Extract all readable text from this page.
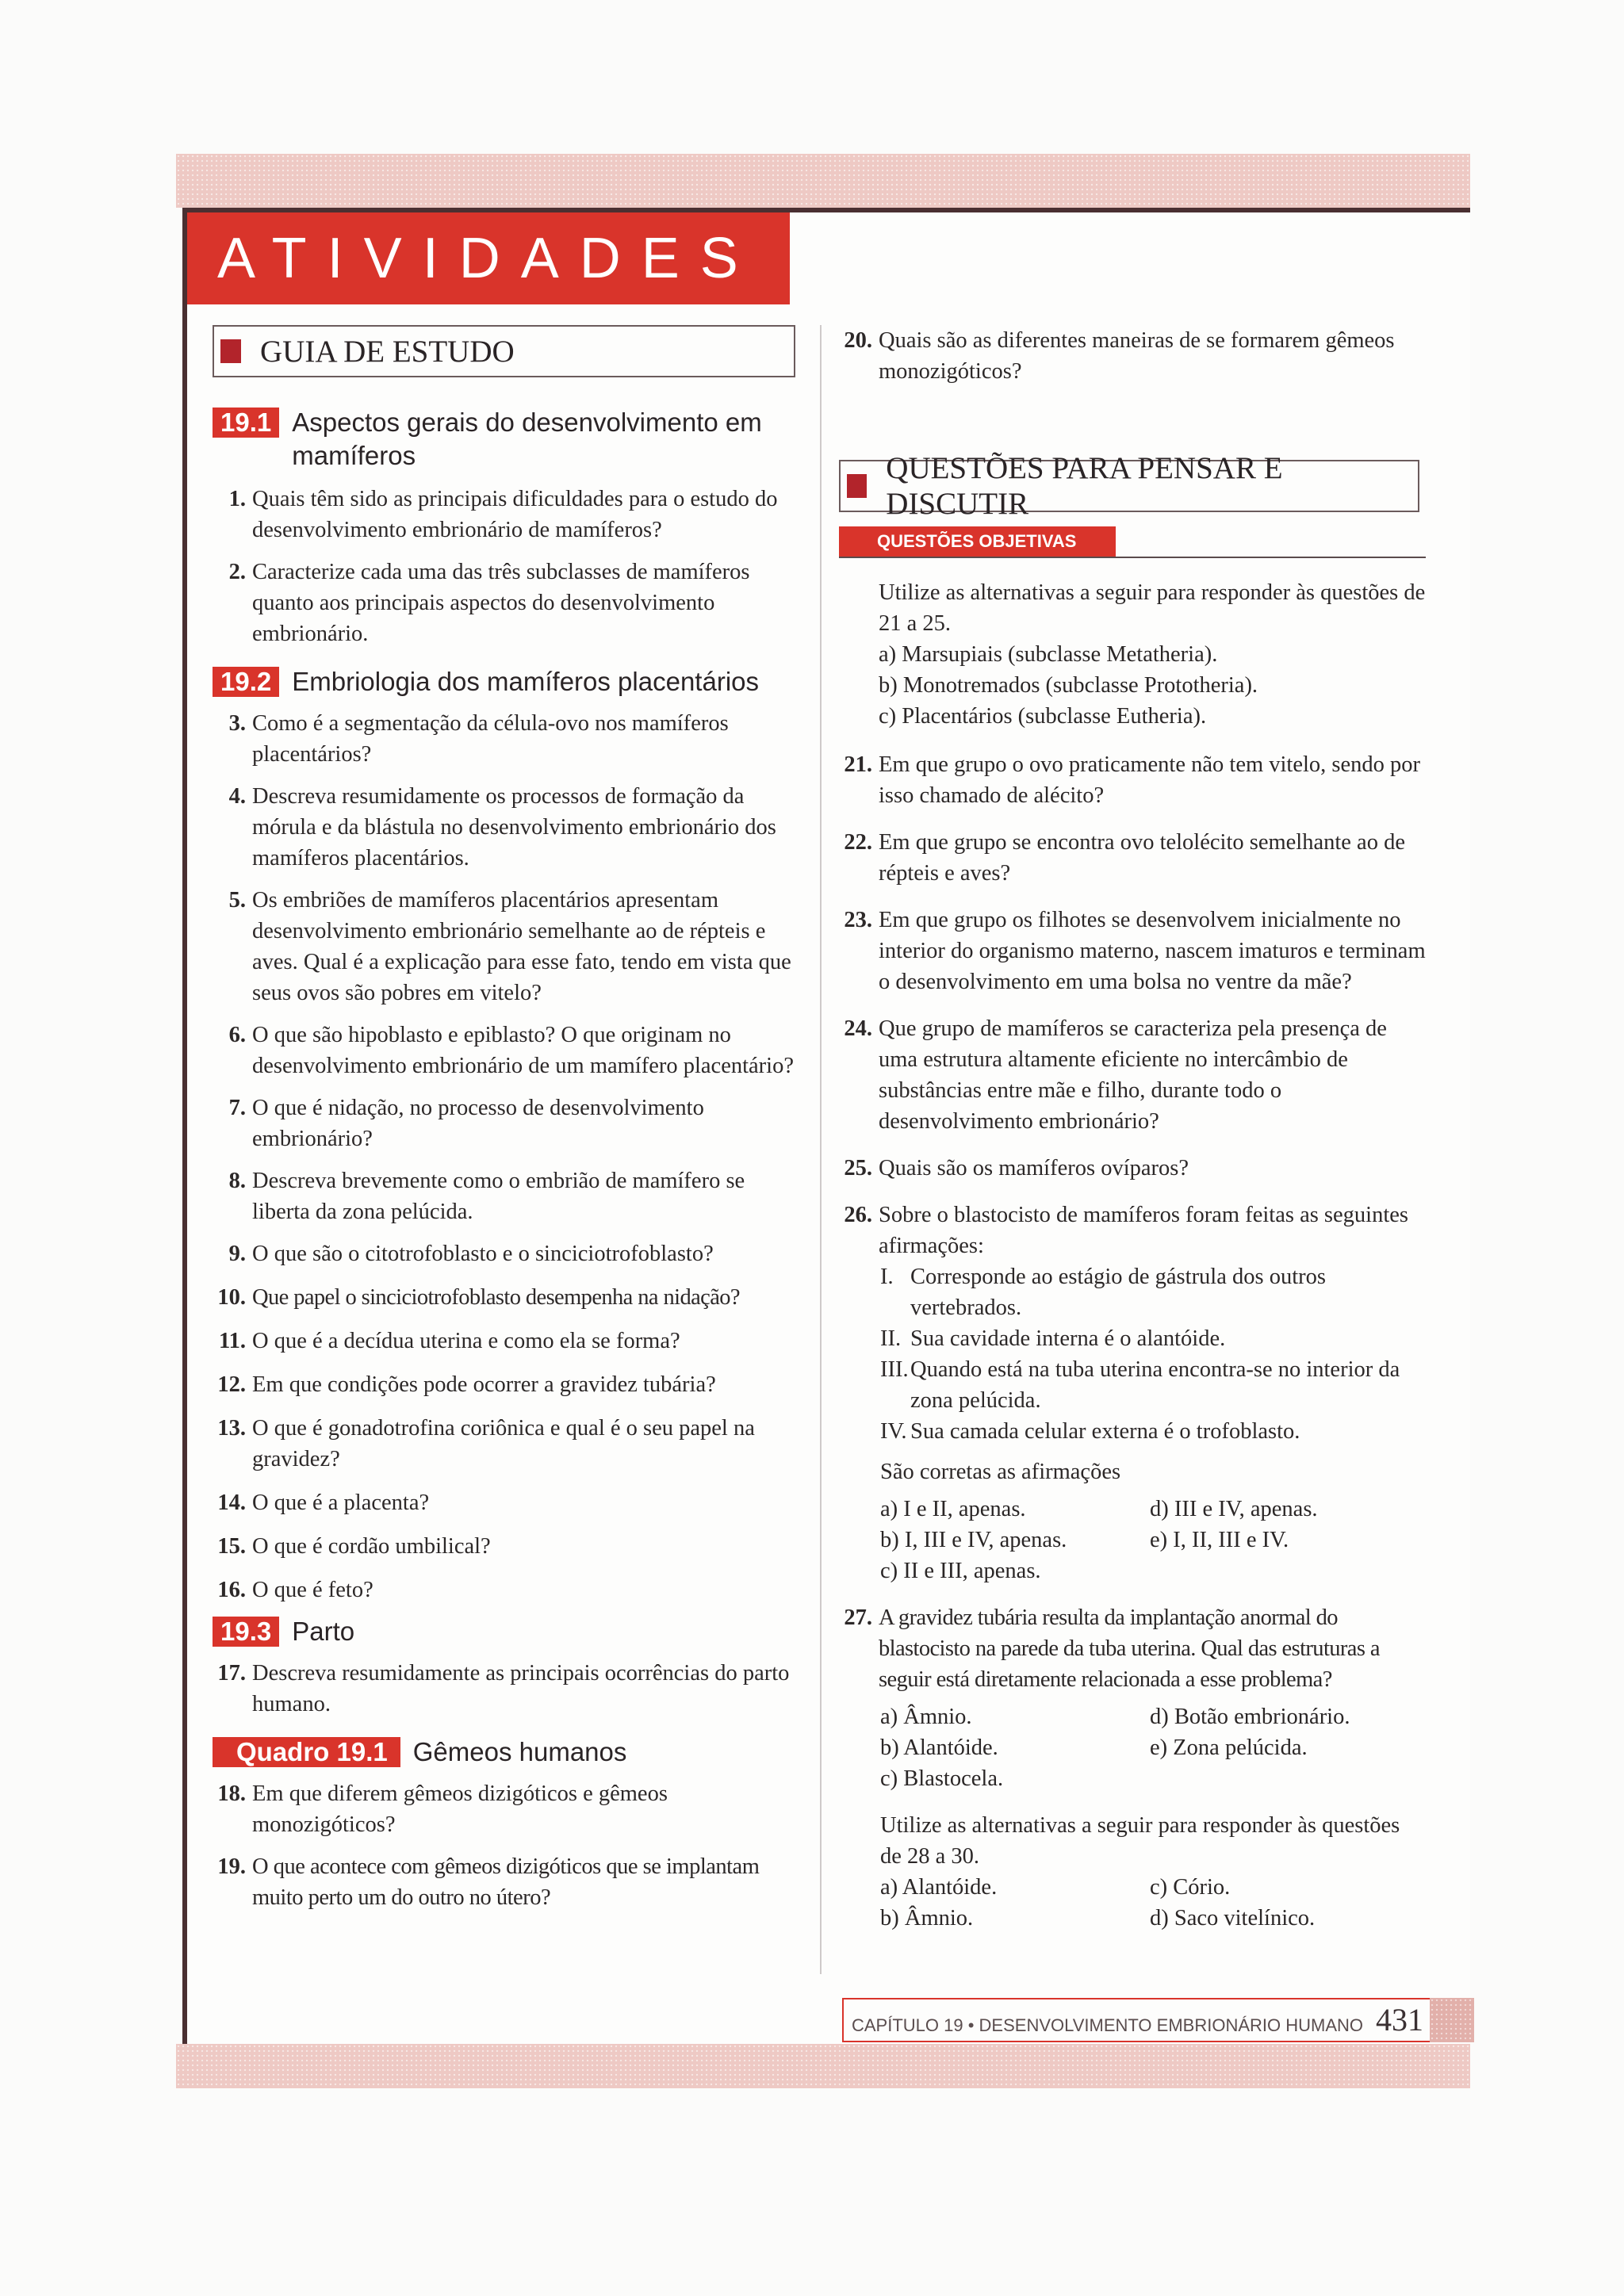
ATIVIDADES
GUIA DE ESTUDO
19.1 Aspectos gerais do desenvolvimento em mamíferos
1. Quais têm sido as principais dificuldades para o estudo do desenvolvimento embrionário de mamíferos?
2. Caracterize cada uma das três subclasses de mamíferos quanto aos principais aspectos do desenvolvimento embrionário.
19.2 Embriologia dos mamíferos placentários
3. Como é a segmentação da célula-ovo nos mamíferos placentários?
4. Descreva resumidamente os processos de formação da mórula e da blástula no desenvolvimento embrionário dos mamíferos placentários.
5. Os embriões de mamíferos placentários apresentam desenvolvimento embrionário semelhante ao de répteis e aves. Qual é a explicação para esse fato, tendo em vista que seus ovos são pobres em vitelo?
6. O que são hipoblasto e epiblasto? O que originam no desenvolvimento embrionário de um mamífero placentário?
7. O que é nidação, no processo de desenvolvimento embrionário?
8. Descreva brevemente como o embrião de mamífero se liberta da zona pelúcida.
9. O que são o citotrofoblasto e o sinciciotrofoblasto?
10. Que papel o sinciciotrofoblasto desempenha na nidação?
11. O que é a decídua uterina e como ela se forma?
12. Em que condições pode ocorrer a gravidez tubária?
13. O que é gonadotrofina coriônica e qual é o seu papel na gravidez?
14. O que é a placenta?
15. O que é cordão umbilical?
16. O que é feto?
19.3 Parto
17. Descreva resumidamente as principais ocorrências do parto humano.
Quadro 19.1 Gêmeos humanos
18. Em que diferem gêmeos dizigóticos e gêmeos monozigóticos?
19. O que acontece com gêmeos dizigóticos que se implantam muito perto um do outro no útero?
20. Quais são as diferentes maneiras de se formarem gêmeos monozigóticos?
QUESTÕES PARA PENSAR E DISCUTIR
QUESTÕES OBJETIVAS
Utilize as alternativas a seguir para responder às questões de 21 a 25.
a) Marsupiais (subclasse Metatheria).
b) Monotremados (subclasse Prototheria).
c) Placentários (subclasse Eutheria).
21. Em que grupo o ovo praticamente não tem vitelo, sendo por isso chamado de alécito?
22. Em que grupo se encontra ovo telolécito semelhante ao de répteis e aves?
23. Em que grupo os filhotes se desenvolvem inicialmente no interior do organismo materno, nascem imaturos e terminam o desenvolvimento em uma bolsa no ventre da mãe?
24. Que grupo de mamíferos se caracteriza pela presença de uma estrutura altamente eficiente no intercâmbio de substâncias entre mãe e filho, durante todo o desenvolvimento embrionário?
25. Quais são os mamíferos ovíparos?
26. Sobre o blastocisto de mamíferos foram feitas as seguintes afirmações:
I. Corresponde ao estágio de gástrula dos outros vertebrados.
II. Sua cavidade interna é o alantóide.
III. Quando está na tuba uterina encontra-se no interior da zona pelúcida.
IV. Sua camada celular externa é o trofoblasto.
São corretas as afirmações
a) I e II, apenas.	d) III e IV, apenas.
b) I, III e IV, apenas.	e) I, II, III e IV.
c) II e III, apenas.
27. A gravidez tubária resulta da implantação anormal do blastocisto na parede da tuba uterina. Qual das estruturas a seguir está diretamente relacionada a esse problema?
a) Âmnio.	d) Botão embrionário.
b) Alantóide.	e) Zona pelúcida.
c) Blastocela.
Utilize as alternativas a seguir para responder às questões de 28 a 30.
a) Alantóide.	c) Cório.
b) Âmnio.	d) Saco vitelínico.
CAPÍTULO 19 • DESENVOLVIMENTO EMBRIONÁRIO HUMANO 431
